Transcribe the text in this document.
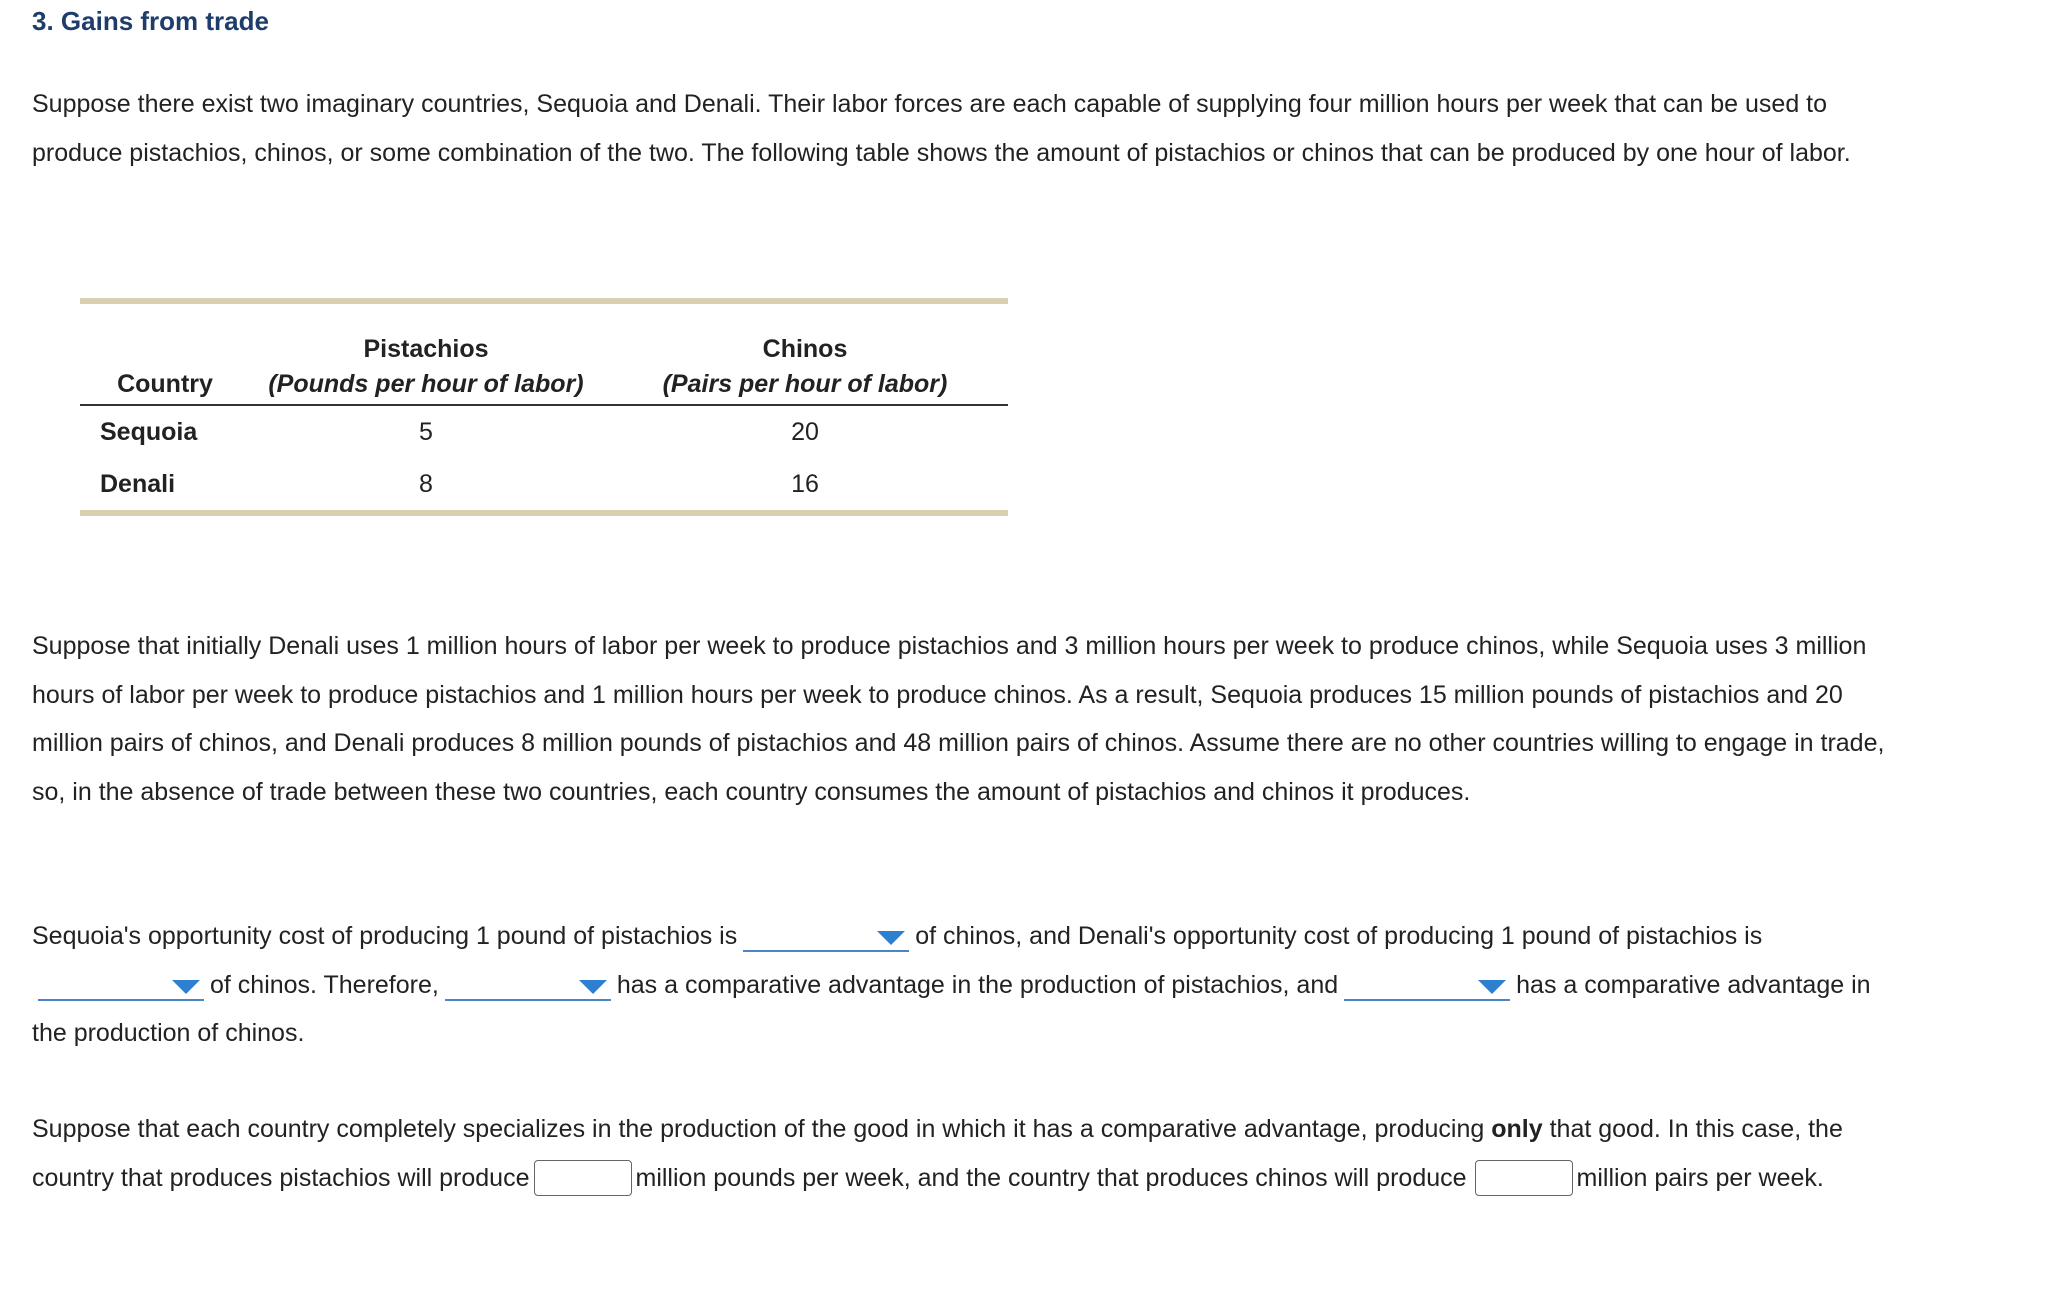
3. Gains from trade

Suppose there exist two imaginary countries, Sequoia and Denali. Their labor forces are each capable of supplying four million hours per week that can be used to produce pistachios, chinos, or some combination of the two. The following table shows the amount of pistachios or chinos that can be produced by one hour of labor.

	Pistachios	Chinos
Country	(Pounds per hour of labor)	(Pairs per hour of labor)
Sequoia	5	20
Denali	8	16

Suppose that initially Denali uses 1 million hours of labor per week to produce pistachios and 3 million hours per week to produce chinos, while Sequoia uses 3 million hours of labor per week to produce pistachios and 1 million hours per week to produce chinos. As a result, Sequoia produces 15 million pounds of pistachios and 20 million pairs of chinos, and Denali produces 8 million pounds of pistachios and 48 million pairs of chinos. Assume there are no other countries willing to engage in trade, so, in the absence of trade between these two countries, each country consumes the amount of pistachios and chinos it produces.

Sequoia's opportunity cost of producing 1 pound of pistachios is	of chinos, and Denali's opportunity cost of producing 1 pound of pistachios is
of chinos. Therefore,	has a comparative advantage in the production of pistachios, and	has a comparative advantage in the production of chinos.

Suppose that each country completely specializes in the production of the good in which it has a comparative advantage, producing only that good. In this case, the country that produces pistachios will produce	million pounds per week, and the country that produces chinos will produce	million pairs per week.
